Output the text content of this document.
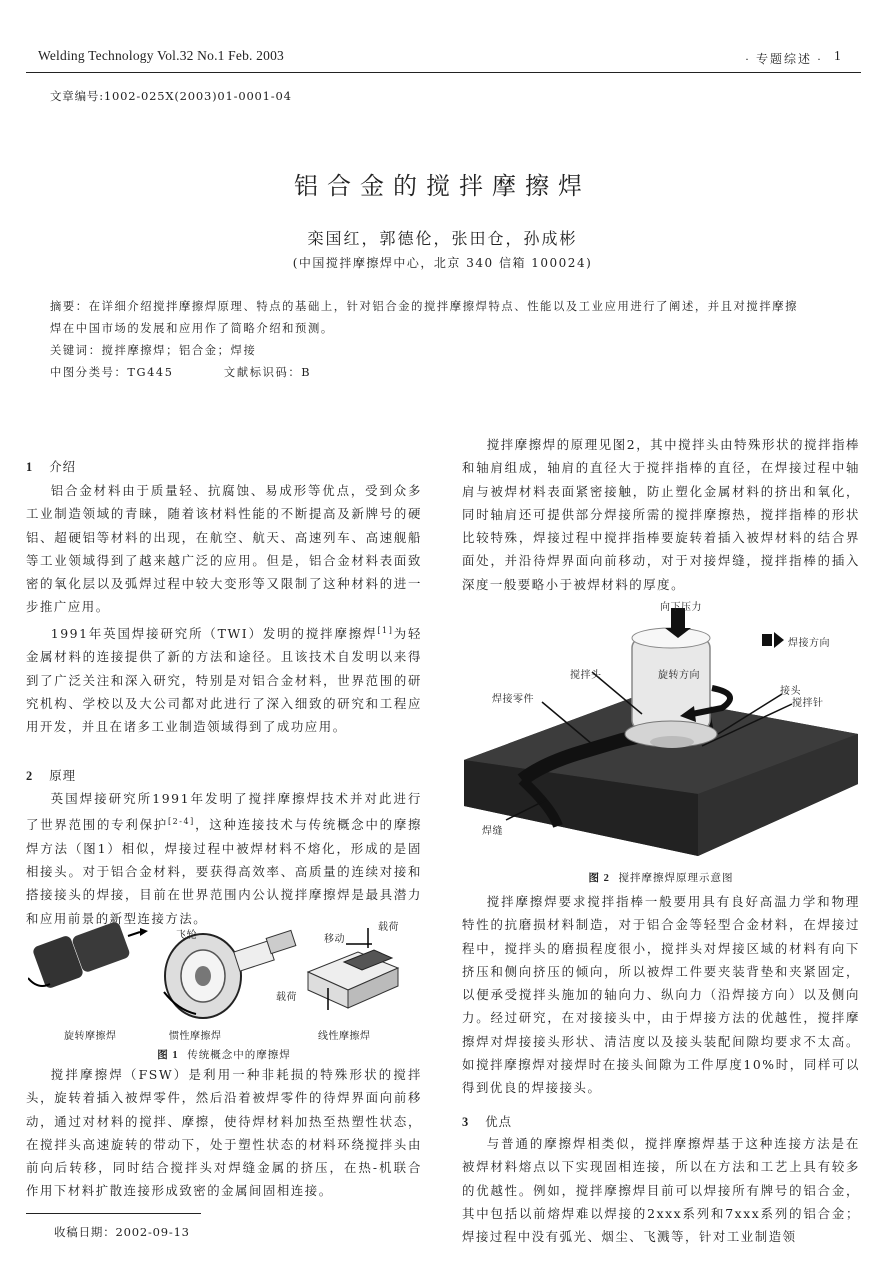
Welding Technology Vol.32 No.1 Feb. 2003	· 专题综述 · 1
文章编号:1002-025X(2003)01-0001-04
铝合金的搅拌摩擦焊
栾国红，郭德伦，张田仓，孙成彬
(中国搅拌摩擦焊中心，北京 340 信箱 100024)
摘要：在详细介绍搅拌摩擦焊原理、特点的基础上，针对铝合金的搅拌摩擦焊特点、性能以及工业应用进行了阐述，并且对搅拌摩擦
焊在中国市场的发展和应用作了简略介绍和预测。
关键词：搅拌摩擦焊；铝合金；焊接
中图分类号：TG445	文献标识码：B
1 介绍

铝合金材料由于质量轻、抗腐蚀、易成形等优点，受到众多工业制造领域的青睐，随着该材料性能的不断提高及新牌号的硬铝、超硬铝等材料的出现，在航空、航天、高速列车、高速舰船等工业领域得到了越来越广泛的应用。但是，铝合金材料表面致密的氧化层以及弧焊过程中较大变形等又限制了这种材料的进一步推广应用。

1991年英国焊接研究所（TWI）发明的搅拌摩擦焊[1]为轻金属材料的连接提供了新的方法和途径。且该技术自发明以来得到了广泛关注和深入研究，特别是对铝合金材料，世界范围的研究机构、学校以及大公司都对此进行了深入细致的研究和工程应用开发，并且在诸多工业制造领域得到了成功应用。

2 原理

英国焊接研究所1991年发明了搅拌摩擦焊技术并对此进行了世界范围的专利保护[2-4]，这种连接技术与传统概念中的摩擦焊方法（图1）相似，焊接过程中被焊材料不熔化，形成的是固相接头。对于铝合金材料，要获得高效率、高质量的连续对接和搭接接头的焊接，目前在世界范围内公认搅拌摩擦焊是最具潜力和应用前景的新型连接方法。

飞轮	移动
载荷
载荷
旋转摩擦焊	惯性摩擦焊	线性摩擦焊
图 1 传统概念中的摩擦焊

搅拌摩擦焊（FSW）是利用一种非耗损的特殊形状的搅拌头，旋转着插入被焊零件，然后沿着被焊零件的待焊界面向前移动，通过对材料的搅拌、摩擦，使待焊材料加热至热塑性状态，在搅拌头高速旋转的带动下，处于塑性状态的材料环绕搅拌头由前向后转移，同时结合搅拌头对焊缝金属的挤压，在热-机联合作用下材料扩散连接形成致密的金属间固相连接。

收稿日期：2002-09-13

搅拌摩擦焊的原理见图2，其中搅拌头由特殊形状的搅拌指棒和轴肩组成，轴肩的直径大于搅拌指棒的直径，在焊接过程中轴肩与被焊材料表面紧密接触，防止塑化金属材料的挤出和氧化，同时轴肩还可提供部分焊接所需的搅拌摩擦热，搅拌指棒的形状比较特殊，焊接过程中搅拌指棒要旋转着插入被焊材料的结合界面处，并沿待焊界面向前移动，对于对接焊缝，搅拌指棒的插入深度一般要略小于被焊材料的厚度。

向下压力
焊接方向
搅拌头	旋转方向
焊接零件
接头
搅拌针
焊缝
图 2 搅拌摩擦焊原理示意图

搅拌摩擦焊要求搅拌指棒一般要用具有良好高温力学和物理特性的抗磨损材料制造，对于铝合金等轻型合金材料，在焊接过程中，搅拌头的磨损程度很小，搅拌头对焊接区域的材料有向下挤压和侧向挤压的倾向，所以被焊工件要夹装背垫和夹紧固定，以便承受搅拌头施加的轴向力、纵向力（沿焊接方向）以及侧向力。经过研究，在对接接头中，由于焊接方法的优越性，搅拌摩擦焊对焊接接头形状、清洁度以及接头装配间隙均要求不太高。如搅拌摩擦焊对接焊时在接头间隙为工件厚度10%时，同样可以得到优良的焊接接头。

3 优点

与普通的摩擦焊相类似，搅拌摩擦焊基于这种连接方法是在被焊材料熔点以下实现固相连接，所以在方法和工艺上具有较多的优越性。例如，搅拌摩擦焊目前可以焊接所有牌号的铝合金，其中包括以前熔焊难以焊接的2xxx系列和7xxx系列的铝合金；焊接过程中没有弧光、烟尘、飞溅等，针对工业制造领
